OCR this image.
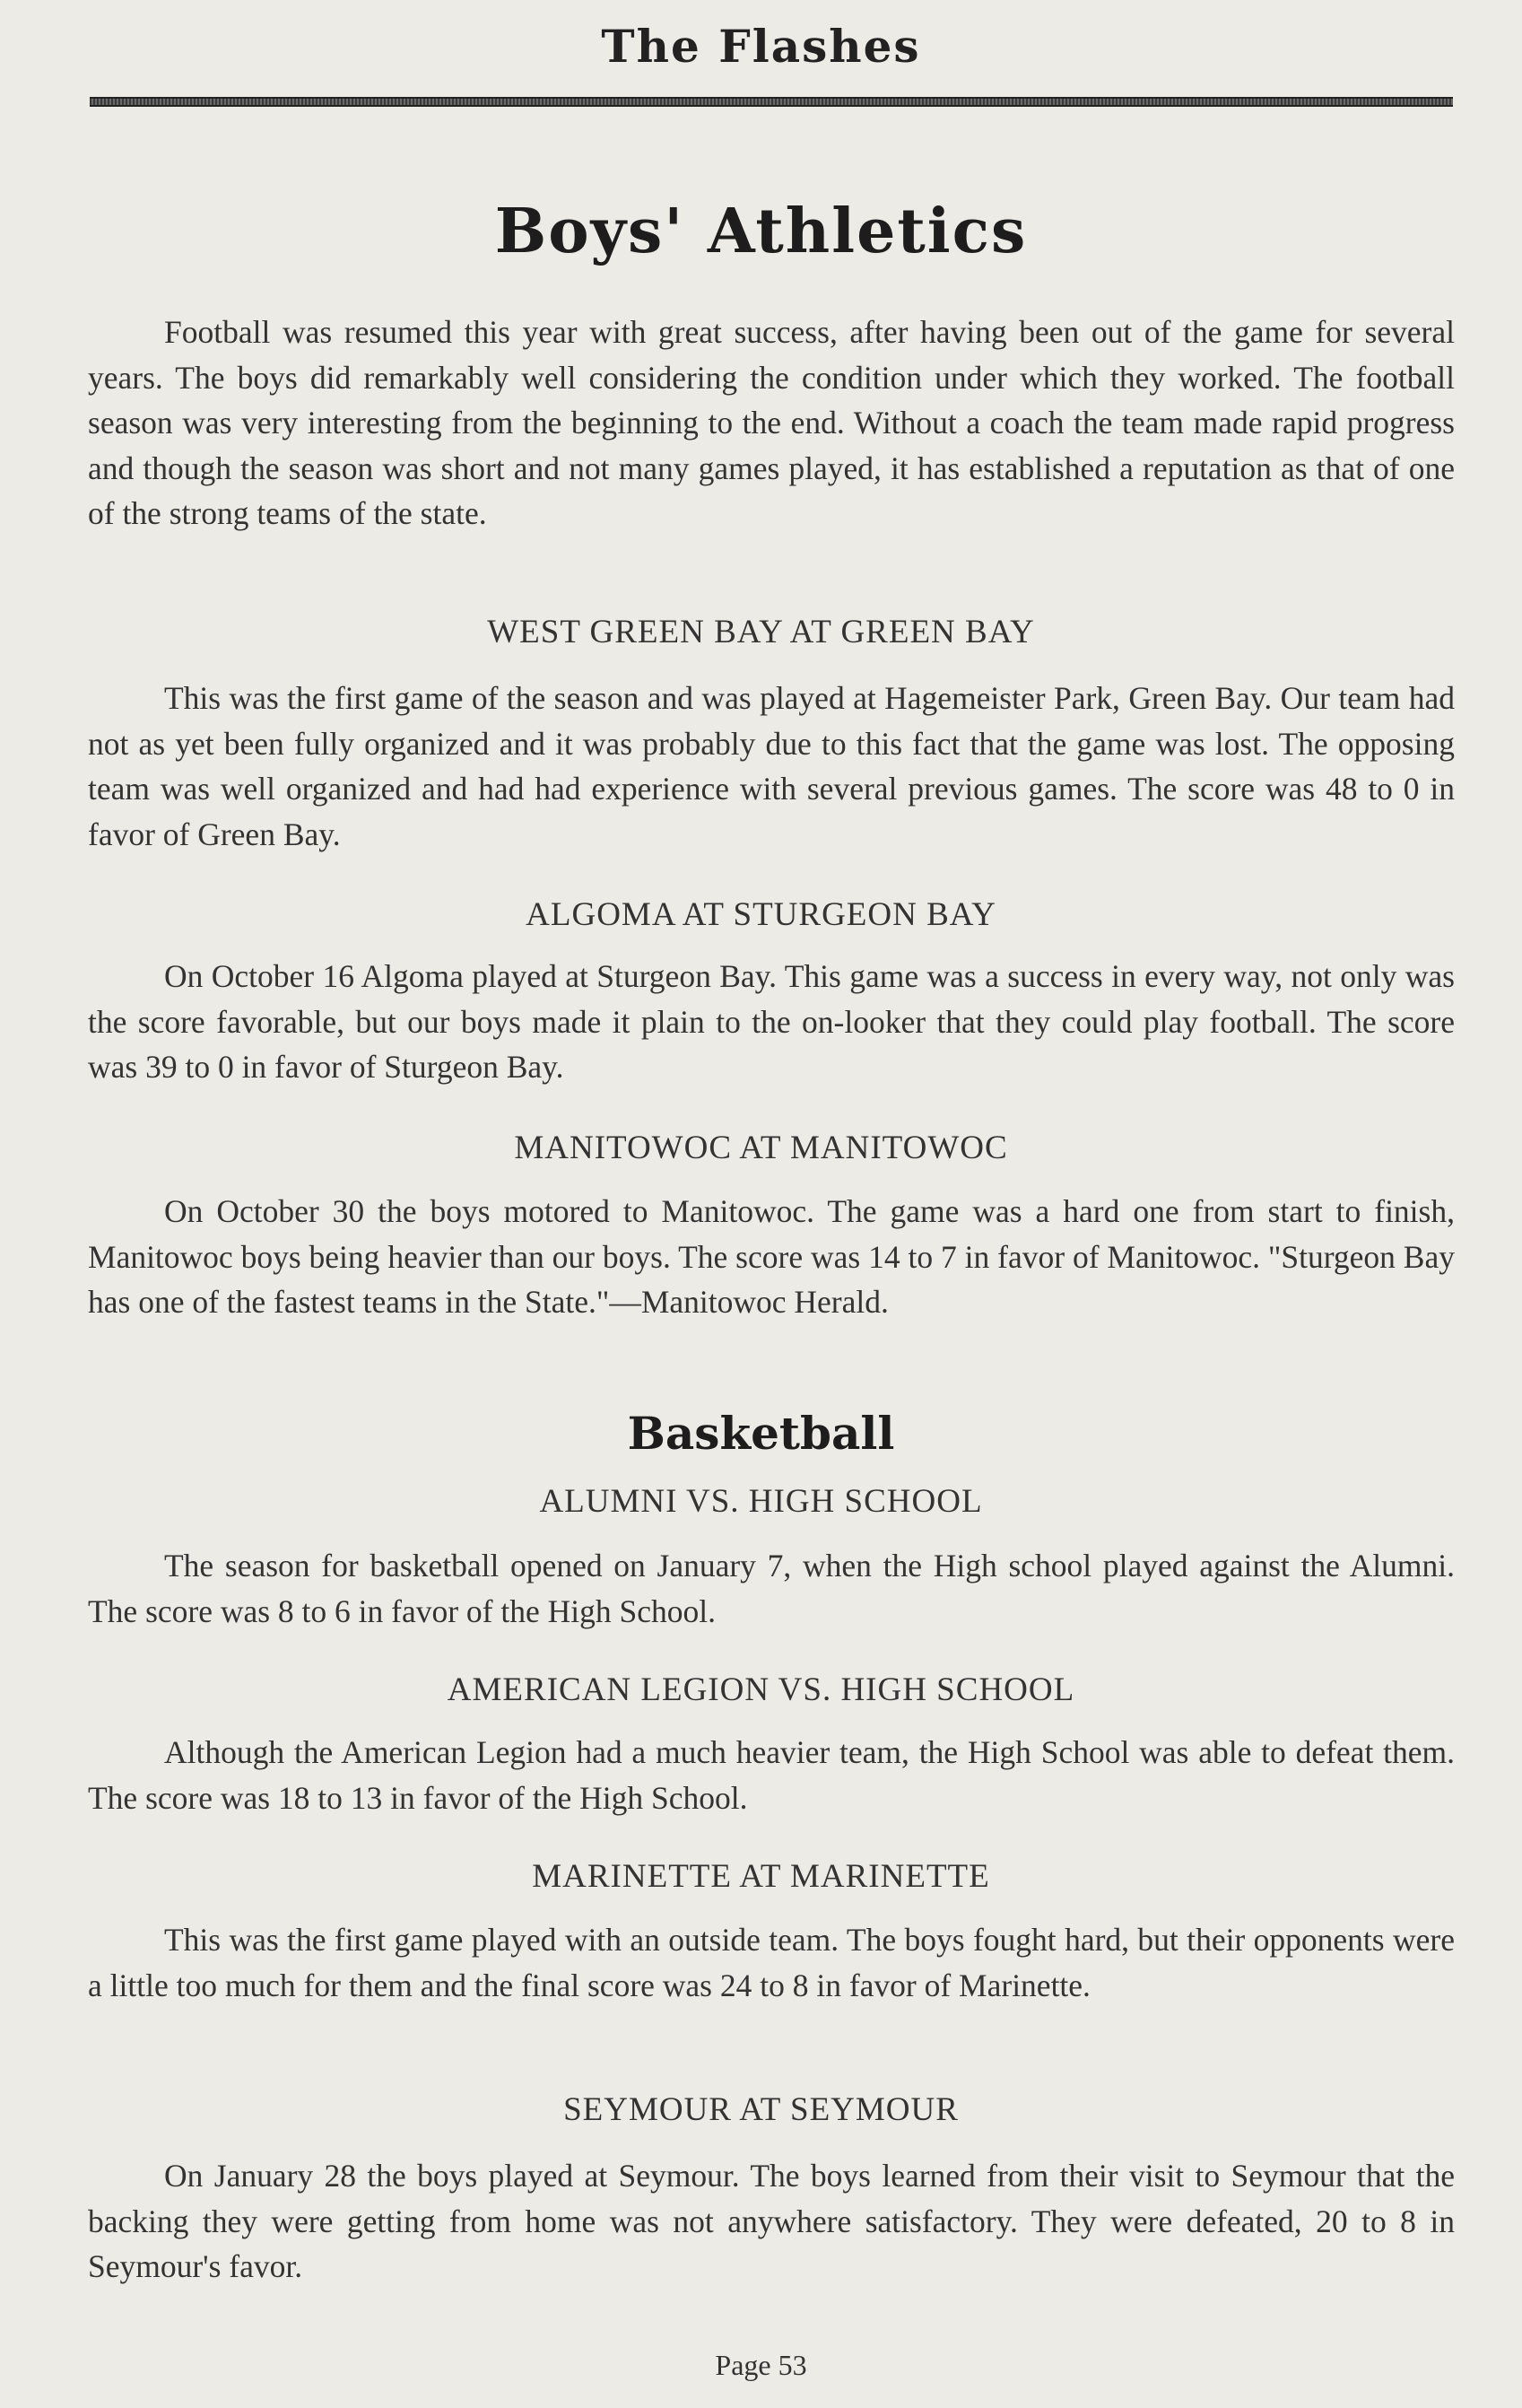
The Flashes
Boys' Athletics

Football was resumed this year with great success, after having been out of the game for several years. The boys did remarkably well considering the condition under which they worked. The football season was very interesting from the beginning to the end. Without a coach the team made rapid progress and though the season was short and not many games played, it has established a reputation as that of one of the strong teams of the state.

WEST GREEN BAY AT GREEN BAY

This was the first game of the season and was played at Hagemeister Park, Green Bay. Our team had not as yet been fully organized and it was probably due to this fact that the game was lost. The opposing team was well organized and had had experience with several previous games. The score was 48 to 0 in favor of Green Bay.

ALGOMA AT STURGEON BAY

On October 16 Algoma played at Sturgeon Bay. This game was a success in every way, not only was the score favorable, but our boys made it plain to the on-looker that they could play football. The score was 39 to 0 in favor of Sturgeon Bay.

MANITOWOC AT MANITOWOC

On October 30 the boys motored to Manitowoc. The game was a hard one from start to finish, Manitowoc boys being heavier than our boys. The score was 14 to 7 in favor of Manitowoc. "Sturgeon Bay has one of the fastest teams in the State."—Manitowoc Herald.

Basketball
ALUMNI VS. HIGH SCHOOL

The season for basketball opened on January 7, when the High school played against the Alumni. The score was 8 to 6 in favor of the High School.

AMERICAN LEGION VS. HIGH SCHOOL

Although the American Legion had a much heavier team, the High School was able to defeat them. The score was 18 to 13 in favor of the High School.

MARINETTE AT MARINETTE

This was the first game played with an outside team. The boys fought hard, but their opponents were a little too much for them and the final score was 24 to 8 in favor of Marinette.

SEYMOUR AT SEYMOUR

On January 28 the boys played at Seymour. The boys learned from their visit to Seymour that the backing they were getting from home was not anywhere satisfactory. They were defeated, 20 to 8 in Seymour's favor.

Page 53
